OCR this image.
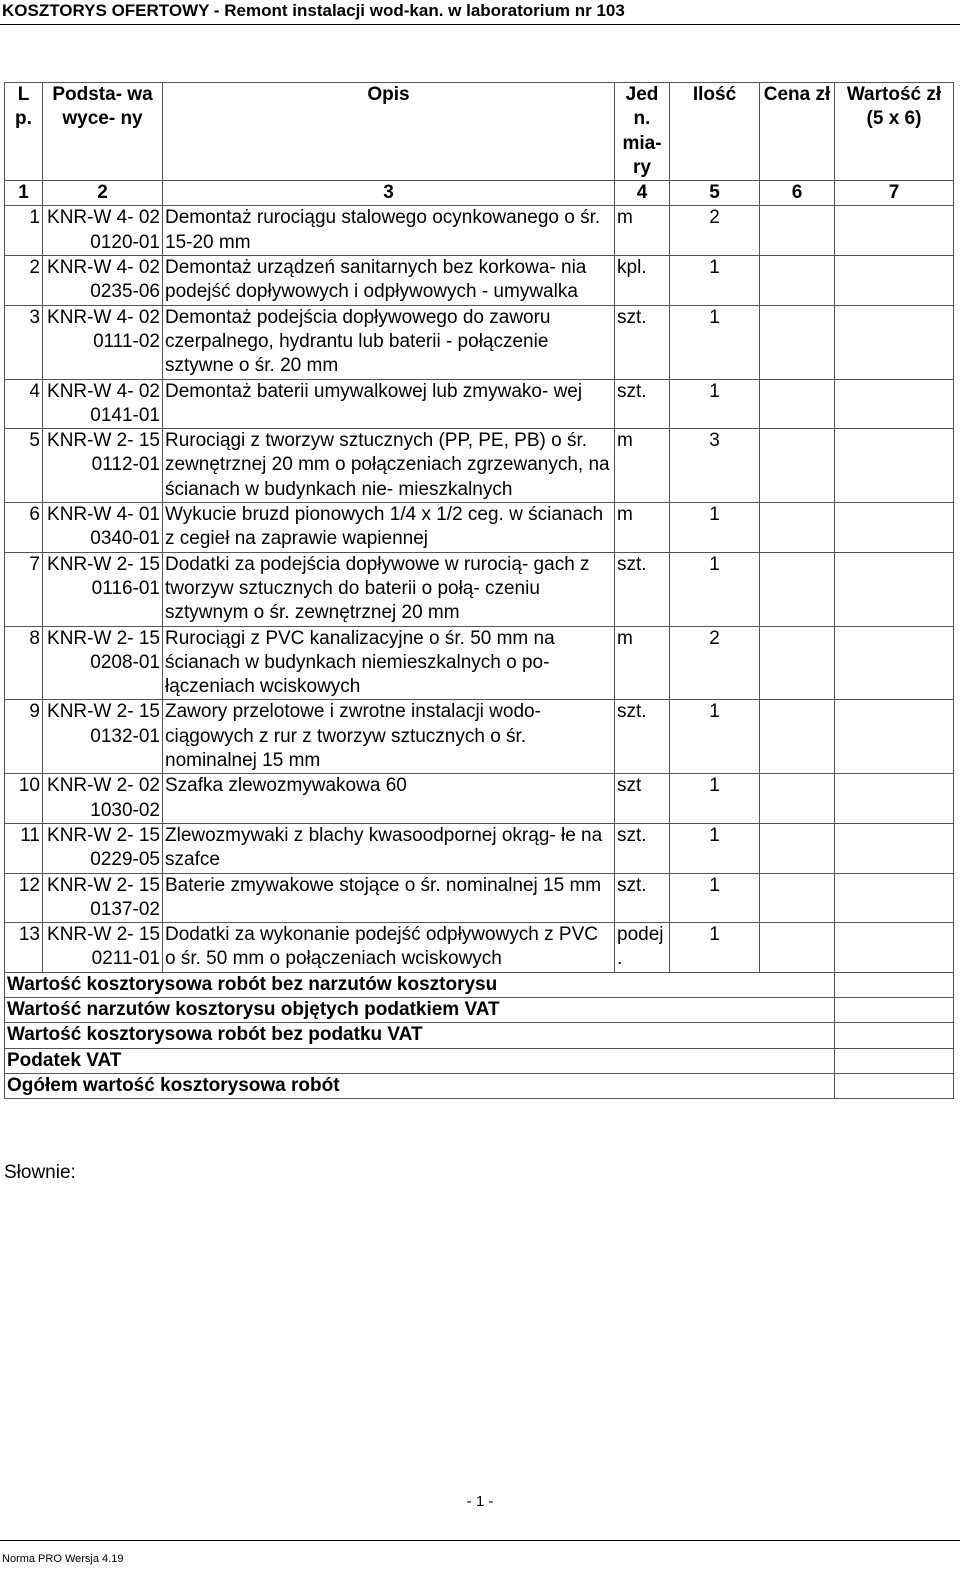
KOSZTORYS OFERTOWY - Remont instalacji wod-kan. w laboratorium nr 103
L p.	Podsta- wa wyce- ny	Opis	Jed n. mia- ry	Ilość	Cena zł	Wartość zł (5 x 6)
1	2	3	4	5	6	7
1	KNR-W 4- 02 0120-01	Demontaż rurociągu stalowego ocynkowanego o śr. 15-20 mm	m	2		
2	KNR-W 4- 02 0235-06	Demontaż urządzeń sanitarnych bez korkowa- nia podejść dopływowych i odpływowych - umywalka	kpl.	1		
3	KNR-W 4- 02 0111-02	Demontaż podejścia dopływowego do zaworu czerpalnego, hydrantu lub baterii - połączenie sztywne o śr. 20 mm	szt.	1		
4	KNR-W 4- 02 0141-01	Demontaż baterii umywalkowej lub zmywako- wej	szt.	1		
5	KNR-W 2- 15 0112-01	Rurociągi z tworzyw sztucznych (PP, PE, PB) o śr. zewnętrznej 20 mm o połączeniach zgrzewanych, na ścianach w budynkach nie- mieszkalnych	m	3		
6	KNR-W 4- 01 0340-01	Wykucie bruzd pionowych 1/4 x 1/2 ceg. w ścianach z cegieł na zaprawie wapiennej	m	1		
7	KNR-W 2- 15 0116-01	Dodatki za podejścia dopływowe w rurocią- gach z tworzyw sztucznych do baterii o połą- czeniu sztywnym o śr. zewnętrznej 20 mm	szt.	1		
8	KNR-W 2- 15 0208-01	Rurociągi z PVC kanalizacyjne o śr. 50 mm na ścianach w budynkach niemieszkalnych o po- łączeniach wciskowych	m	2		
9	KNR-W 2- 15 0132-01	Zawory przelotowe i zwrotne instalacji wodo- ciągowych z rur z tworzyw sztucznych o śr. nominalnej 15 mm	szt.	1		
10	KNR-W 2- 02 1030-02	Szafka zlewozmywakowa 60	szt	1		
11	KNR-W 2- 15 0229-05	Zlewozmywaki z blachy kwasoodpornej okrąg- łe na szafce	szt.	1		
12	KNR-W 2- 15 0137-02	Baterie zmywakowe stojące o śr. nominalnej 15 mm	szt.	1		
13	KNR-W 2- 15 0211-01	Dodatki za wykonanie podejść odpływowych z PVC o śr. 50 mm o połączeniach wciskowych	podej .	1		
Wartość kosztorysowa robót bez narzutów kosztorysu						
Wartość narzutów kosztorysu objętych podatkiem VAT						
Wartość kosztorysowa robót bez podatku VAT						
Podatek VAT						
Ogółem wartość kosztorysowa robót						
Słownie:
- 1 -
Norma PRO Wersja 4.19
